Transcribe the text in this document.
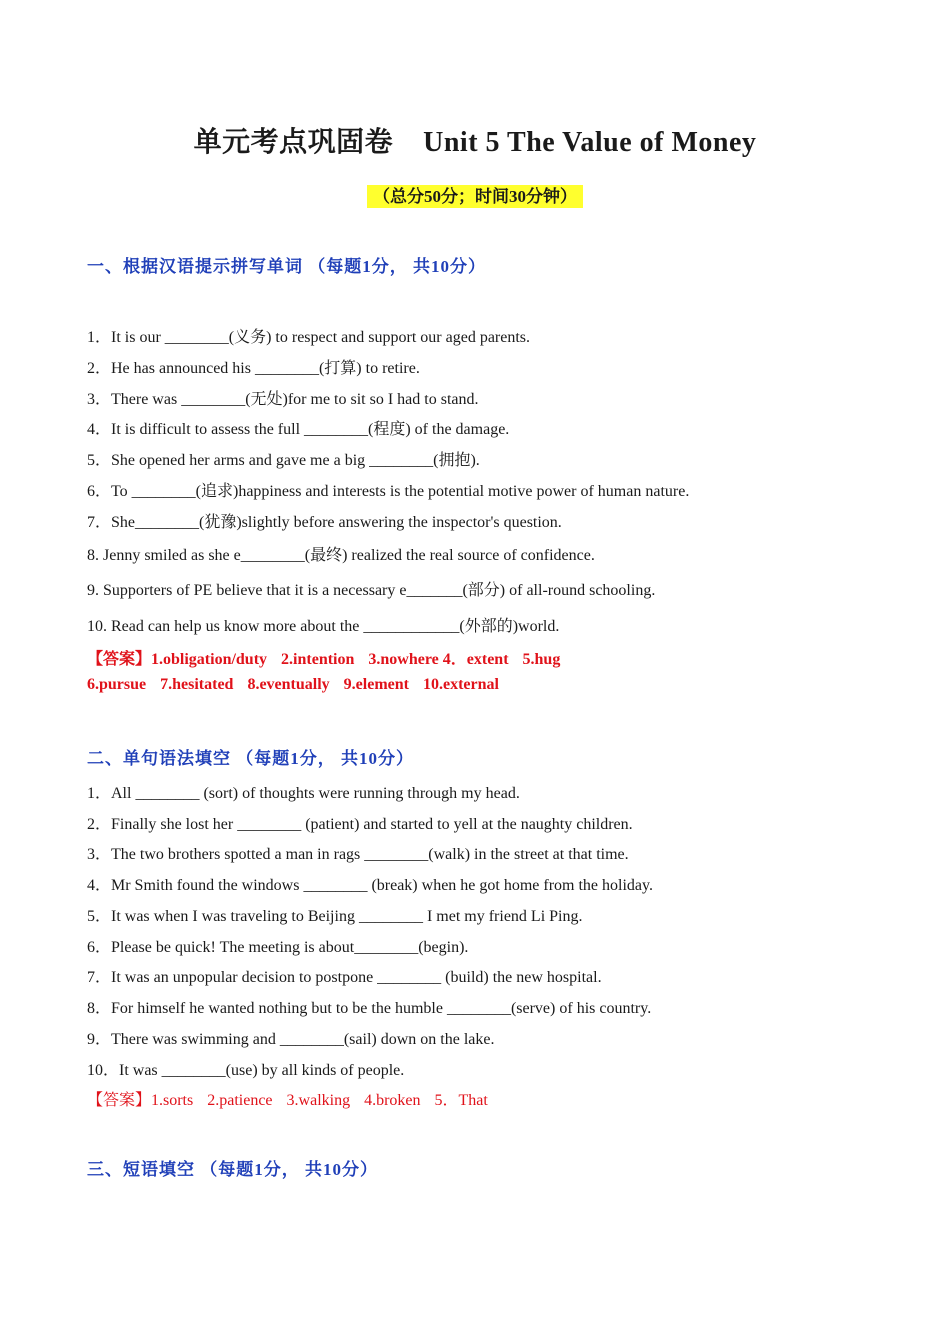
单元考点巩固卷 Unit 5 The Value of Money
（总分50分；时间30分钟）
一、根据汉语提示拼写单词 （每题1分， 共10分）
1．It is our ________(义务) to respect and support our aged parents.
2．He has announced his ________(打算) to retire.
3．There was ________(无处)for me to sit so I had to stand.
4．It is difficult to assess the full ________(程度) of the damage.
5．She opened her arms and gave me a big ________(拥抱).
6．To ________(追求)happiness and interests is the potential motive power of human nature.
7．She________(犹豫)slightly before answering the inspector's question.
8. Jenny smiled as she e________(最终) realized the real source of confidence.
9. Supporters of PE believe that it is a necessary e_______(部分) of all-round schooling.
10. Read can help us know more about the ____________(外部的)world.
【答案】1.obligation/duty 2.intention 3.nowhere 4．extent 5.hug
6.pursue 7.hesitated 8.eventually 9.element 10.external
二、单句语法填空 （每题1分， 共10分）
1．All ________ (sort) of thoughts were running through my head.
2．Finally she lost her ________ (patient) and started to yell at the naughty children.
3．The two brothers spotted a man in rags ________(walk) in the street at that time.
4．Mr Smith found the windows ________ (break) when he got home from the holiday.
5．It was when I was traveling to Beijing ________ I met my friend Li Ping.
6．Please be quick! The meeting is about________(begin).
7．It was an unpopular decision to postpone ________ (build) the new hospital.
8．For himself he wanted nothing but to be the humble ________(serve) of his country.
9．There was swimming and ________(sail) down on the lake.
10．It was ________(use) by all kinds of people.
【答案】1.sorts 2.patience 3.walking 4.broken 5．That
三、短语填空 （每题1分， 共10分）
